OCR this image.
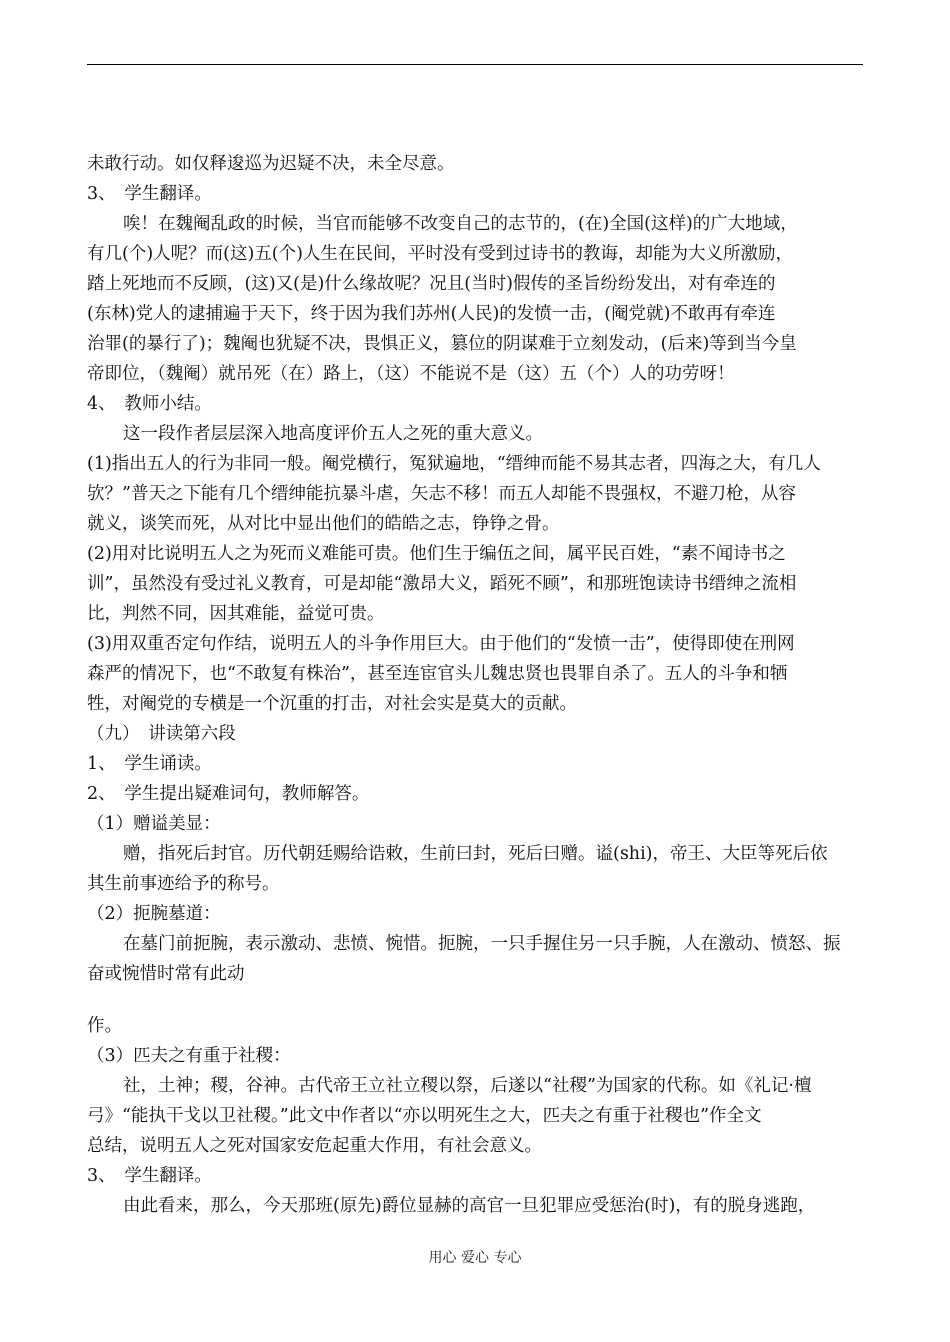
未敢行动。如仅释逡巡为迟疑不决，未全尽意。
3、　学生翻译。
唉！在魏阉乱政的时候，当官而能够不改变自己的志节的，(在)全国(这样)的广大地域，
有几(个)人呢？而(这)五(个)人生在民间，平时没有受到过诗书的教诲，却能为大义所激励，
踏上死地而不反顾，(这)又(是)什么缘故呢？况且(当时)假传的圣旨纷纷发出，对有牵连的
(东林)党人的逮捕遍于天下，终于因为我们苏州(人民)的发愤一击，(阉党就)不敢再有牵连
治罪(的暴行了)；魏阉也犹疑不决，畏惧正义，篡位的阴谋难于立刻发动，(后来)等到当今皇
帝即位，（魏阉）就吊死（在）路上，（这）不能说不是（这）五（个）人的功劳呀！
4、　教师小结。
这一段作者层层深入地高度评价五人之死的重大意义。
(1)指出五人的行为非同一般。阉党横行，冤狱遍地，“缙绅而能不易其志者，四海之大，有几人
欤？”普天之下能有几个缙绅能抗暴斗虐，矢志不移！而五人却能不畏强权，不避刀枪，从容
就义，谈笑而死，从对比中显出他们的皓皓之志，铮铮之骨。
(2)用对比说明五人之为死而义难能可贵。他们生于编伍之间，属平民百姓，“素不闻诗书之
训”，虽然没有受过礼义教育，可是却能“激昂大义，蹈死不顾”，和那班饱读诗书缙绅之流相
比，判然不同，因其难能，益觉可贵。
(3)用双重否定句作结，说明五人的斗争作用巨大。由于他们的“发愤一击”，使得即使在刑网
森严的情况下，也“不敢复有株治”，甚至连宦官头儿魏忠贤也畏罪自杀了。五人的斗争和牺
牲，对阉党的专横是一个沉重的打击，对社会实是莫大的贡献。
（九）　讲读第六段
1、　学生诵读。
2、　学生提出疑难词句，教师解答。
（1）赠谥美显：
赠，指死后封官。历代朝廷赐给诰敕，生前曰封，死后曰赠。谥(shi)，帝王、大臣等死后依
其生前事迹给予的称号。
（2）扼腕墓道：
在墓门前扼腕，表示激动、悲愤、惋惜。扼腕，一只手握住另一只手腕，人在激动、愤怒、振
奋或惋惜时常有此动
作。
（3）匹夫之有重于社稷：
社，土神；稷，谷神。古代帝王立社立稷以祭，后遂以“社稷”为国家的代称。如《礼记·檀
弓》“能执干戈以卫社稷。”此文中作者以“亦以明死生之大，匹夫之有重于社稷也”作全文
总结，说明五人之死对国家安危起重大作用，有社会意义。
3、　学生翻译。
由此看来，那么，今天那班(原先)爵位显赫的高官一旦犯罪应受惩治(时)，有的脱身逃跑，
用心 爱心 专心
